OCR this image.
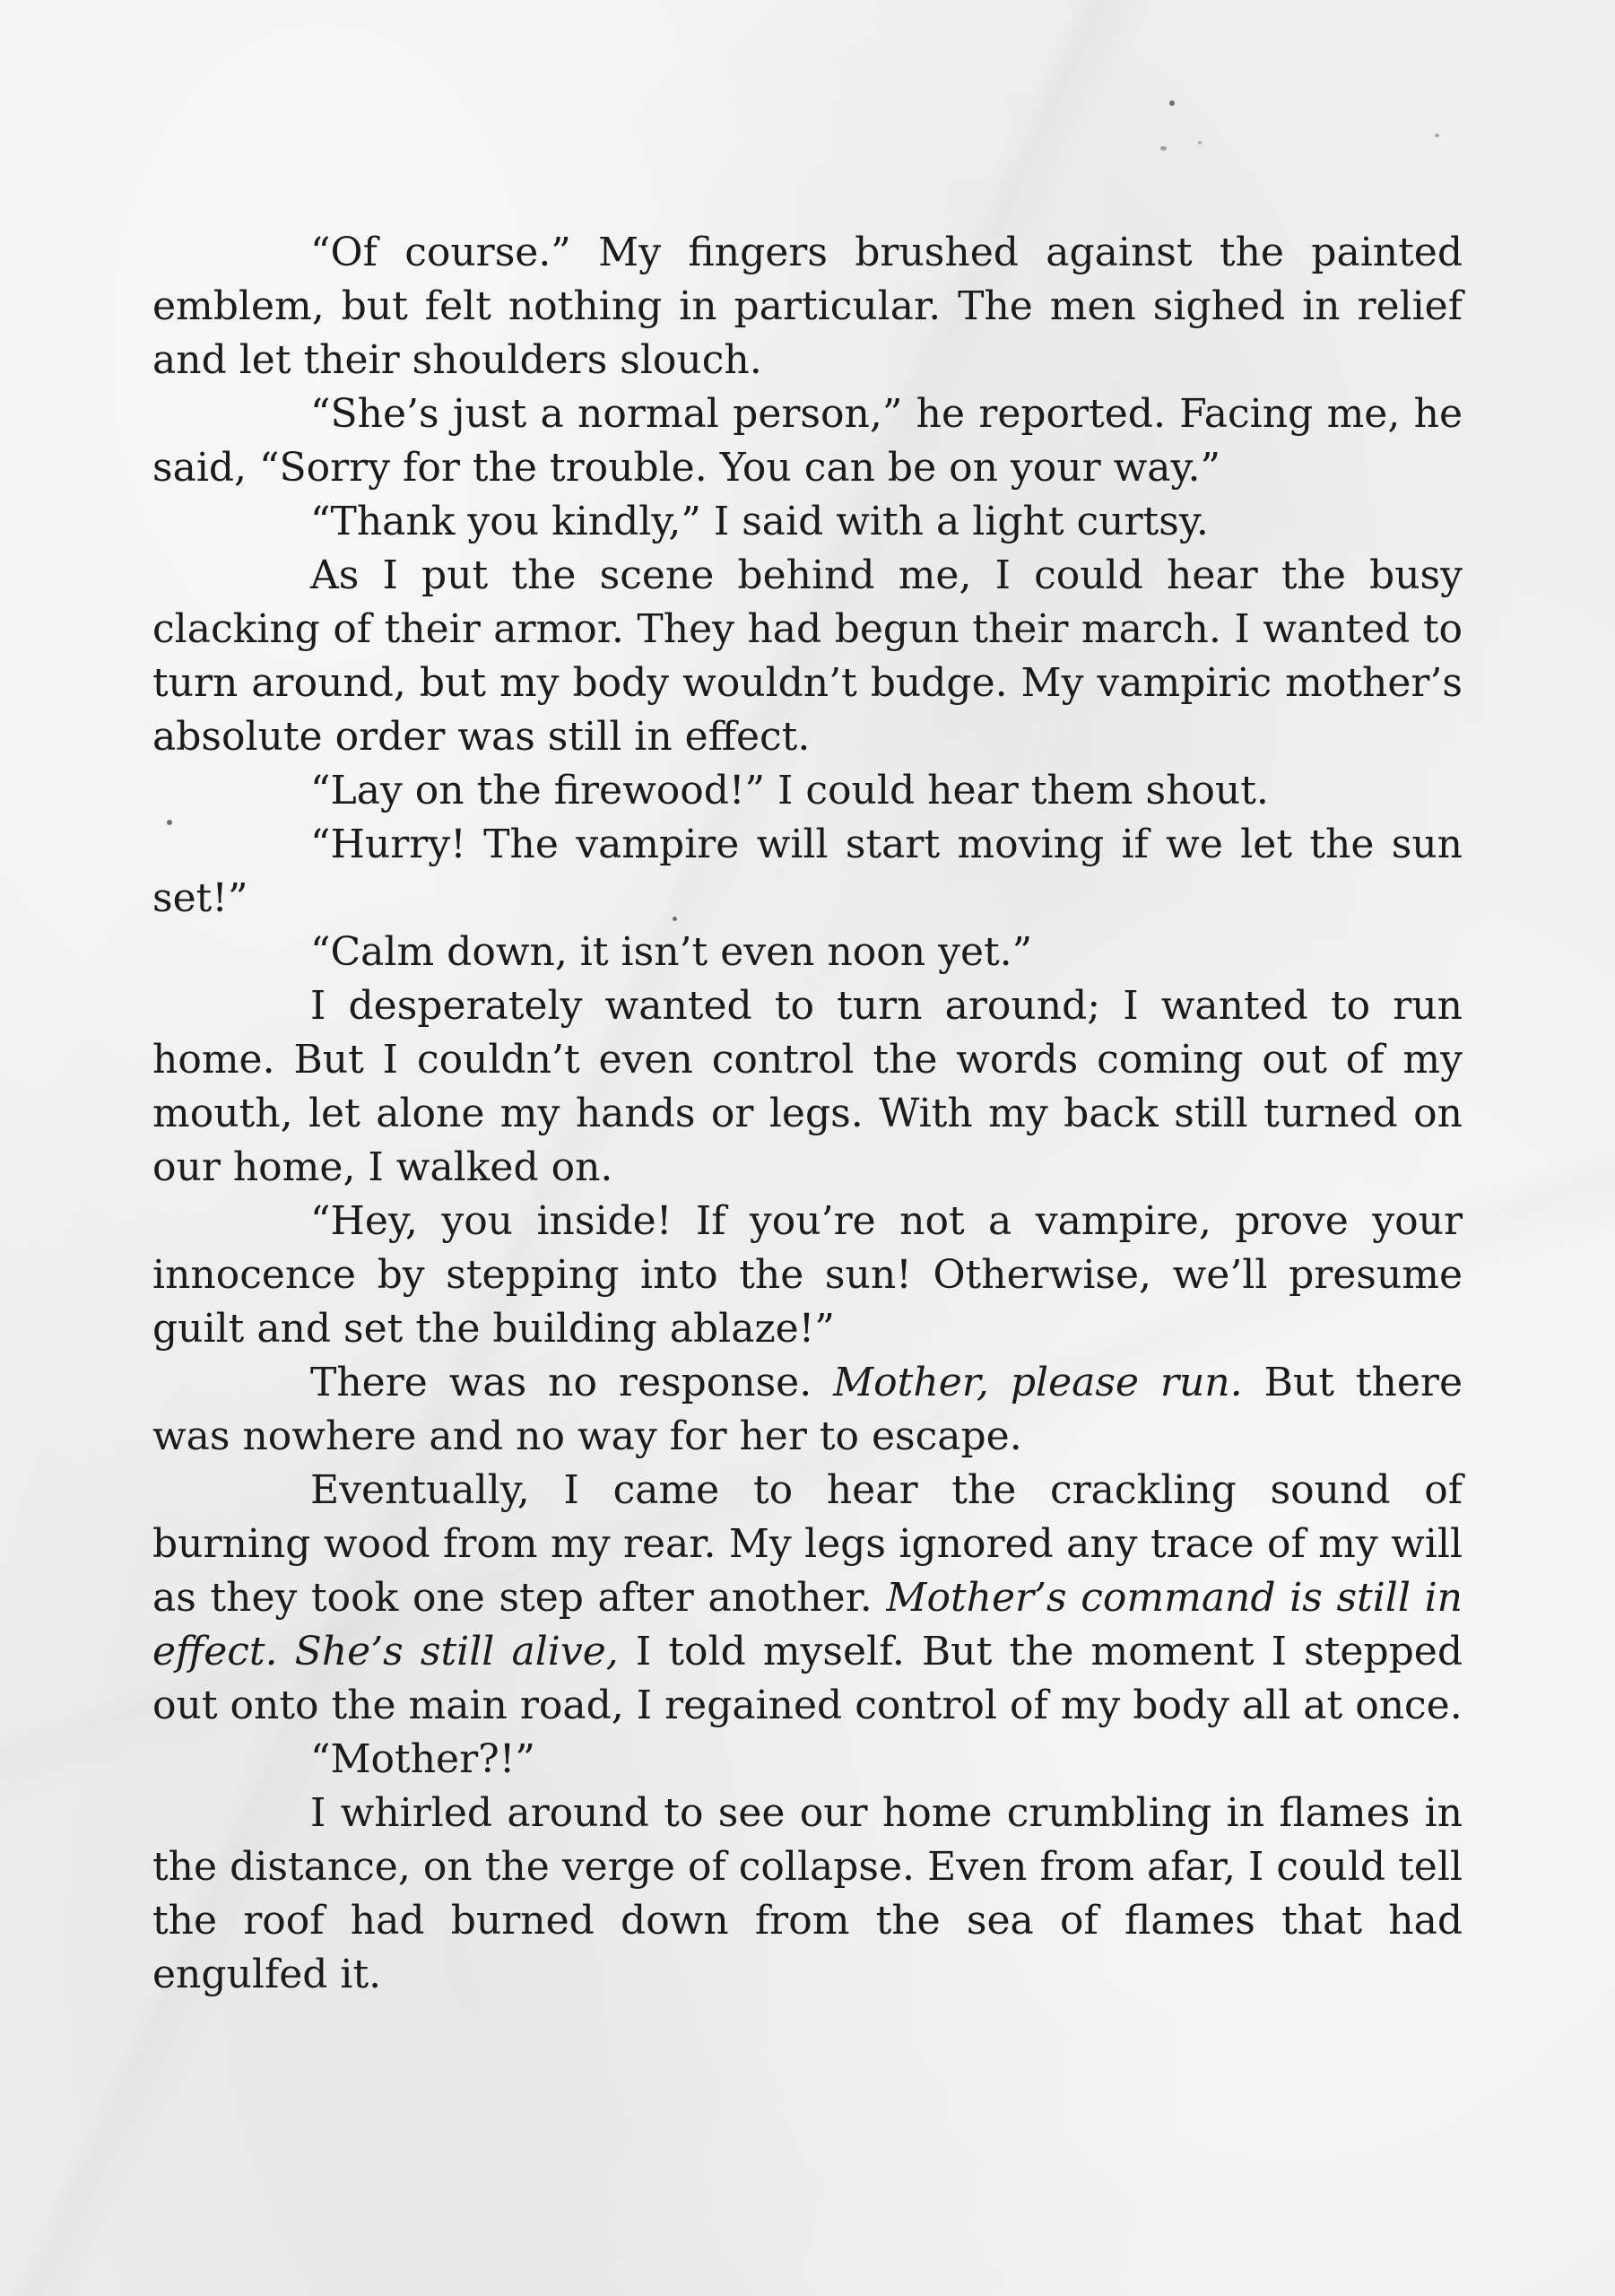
“Of course.” My fingers brushed against the painted emblem, but felt nothing in particular. The men sighed in relief and let their shoulders slouch.

“She’s just a normal person,” he reported. Facing me, he said, “Sorry for the trouble. You can be on your way.”

“Thank you kindly,” I said with a light curtsy.

As I put the scene behind me, I could hear the busy clacking of their armor. They had begun their march. I wanted to turn around, but my body wouldn’t budge. My vampiric mother’s absolute order was still in effect.

“Lay on the firewood!” I could hear them shout.

“Hurry! The vampire will start moving if we let the sun set!”

“Calm down, it isn’t even noon yet.”

I desperately wanted to turn around; I wanted to run home. But I couldn’t even control the words coming out of my mouth, let alone my hands or legs. With my back still turned on our home, I walked on.

“Hey, you inside! If you’re not a vampire, prove your innocence by stepping into the sun! Otherwise, we’ll presume guilt and set the building ablaze!”

There was no response. Mother, please run. But there was nowhere and no way for her to escape.

Eventually, I came to hear the crackling sound of burning wood from my rear. My legs ignored any trace of my will as they took one step after another. Mother’s command is still in effect. She’s still alive, I told myself. But the moment I stepped out onto the main road, I regained control of my body all at once.

“Mother?!”

I whirled around to see our home crumbling in flames in the distance, on the verge of collapse. Even from afar, I could tell the roof had burned down from the sea of flames that had engulfed it.
